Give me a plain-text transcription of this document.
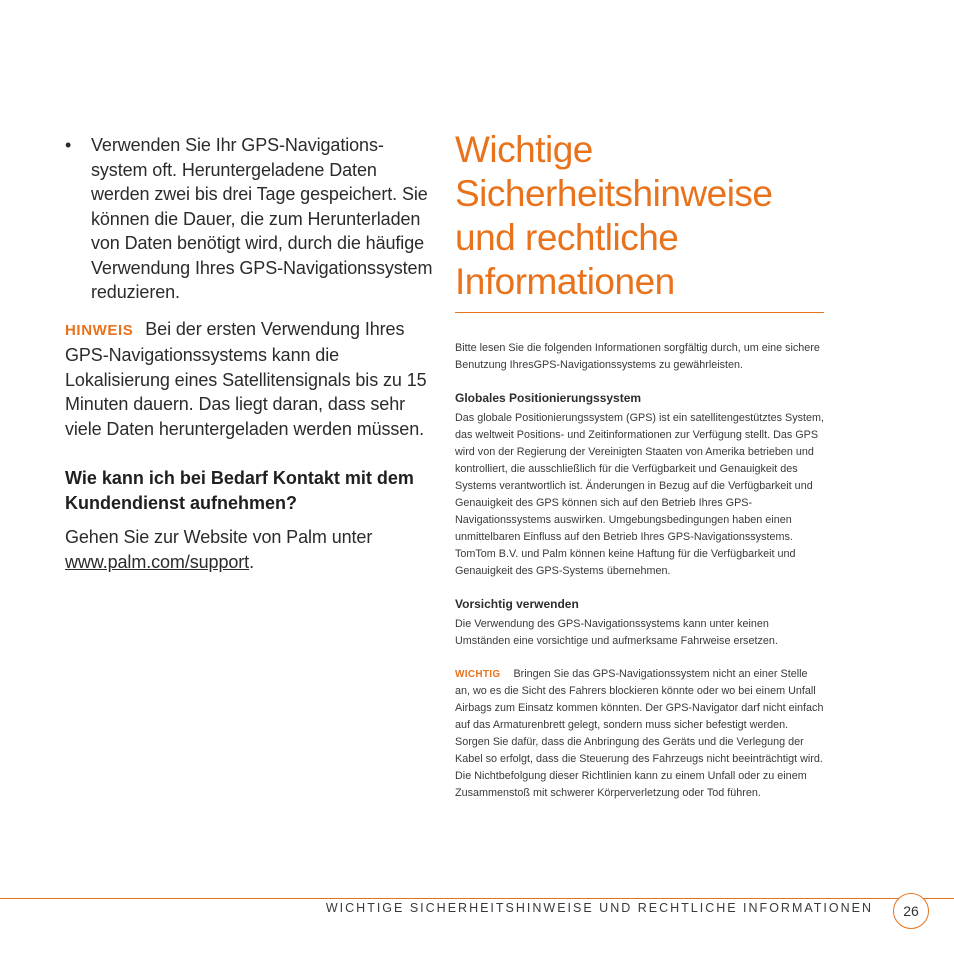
• Verwenden Sie Ihr GPS-Navigations-system oft. Heruntergeladene Daten werden zwei bis drei Tage gespeichert. Sie können die Dauer, die zum Herunterladen von Daten benötigt wird, durch die häufige Verwendung Ihres GPS-Navigationssystem reduzieren.
HINWEIS Bei der ersten Verwendung Ihres GPS-Navigationssystems kann die Lokalisierung eines Satellitensignals bis zu 15 Minuten dauern. Das liegt daran, dass sehr viele Daten heruntergeladen werden müssen.
Wie kann ich bei Bedarf Kontakt mit dem Kundendienst aufnehmen?
Gehen Sie zur Website von Palm unter www.palm.com/support.
Wichtige Sicherheitshinweise und rechtliche Informationen
Bitte lesen Sie die folgenden Informationen sorgfältig durch, um eine sichere Benutzung IhresGPS-Navigationssystems zu gewährleisten.
Globales Positionierungssystem
Das globale Positionierungssystem (GPS) ist ein satellitengestütztes System, das weltweit Positions- und Zeitinformationen zur Verfügung stellt. Das GPS wird von der Regierung der Vereinigten Staaten von Amerika betrieben und kontrolliert, die ausschließlich für die Verfügbarkeit und Genauigkeit des Systems verantwortlich ist. Änderungen in Bezug auf die Verfügbarkeit und Genauigkeit des GPS können sich auf den Betrieb Ihres GPS-Navigationssystems auswirken. Umgebungsbedingungen haben einen unmittelbaren Einfluss auf den Betrieb Ihres GPS-Navigationssystems. TomTom B.V. und Palm können keine Haftung für die Verfügbarkeit und Genauigkeit des GPS-Systems übernehmen.
Vorsichtig verwenden
Die Verwendung des GPS-Navigationssystems kann unter keinen Umständen eine vorsichtige und aufmerksame Fahrweise ersetzen.
WICHTIG Bringen Sie das GPS-Navigationssystem nicht an einer Stelle an, wo es die Sicht des Fahrers blockieren könnte oder wo bei einem Unfall Airbags zum Einsatz kommen könnten. Der GPS-Navigator darf nicht einfach auf das Armaturenbrett gelegt, sondern muss sicher befestigt werden. Sorgen Sie dafür, dass die Anbringung des Geräts und die Verlegung der Kabel so erfolgt, dass die Steuerung des Fahrzeugs nicht beeinträchtigt wird. Die Nichtbefolgung dieser Richtlinien kann zu einem Unfall oder zu einem Zusammenstoß mit schwerer Körperverletzung oder Tod führen.
WICHTIGE SICHERHEITSHINWEISE UND RECHTLICHE INFORMATIONEN 26
